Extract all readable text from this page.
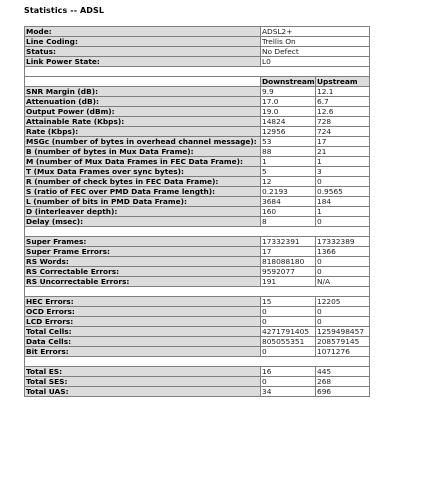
Statistics -- ADSL
Mode:	ADSL2+	
Line Coding:	Trellis On	
Status:	No Defect	
Link Power State:	L0	

	Downstream	Upstream
SNR Margin (dB):	9.9	12.1
Attenuation (dB):	17.0	6.7
Output Power (dBm):	19.0	12.6
Attainable Rate (Kbps):	14824	728
Rate (Kbps):	12956	724
MSGc (number of bytes in overhead channel message):	53	17
B (number of bytes in Mux Data Frame):	88	21
M (number of Mux Data Frames in FEC Data Frame):	1	1
T (Mux Data Frames over sync bytes):	5	3
R (number of check bytes in FEC Data Frame):	12	0
S (ratio of FEC over PMD Data Frame length):	0.2193	0.9565
L (number of bits in PMD Data Frame):	3684	184
D (interleaver depth):	160	1
Delay (msec):	8	0

Super Frames:	17332391	17332389
Super Frame Errors:	17	1366
RS Words:	818088180	0
RS Correctable Errors:	9592077	0
RS Uncorrectable Errors:	191	N/A

HEC Errors:	15	12205
OCD Errors:	0	0
LCD Errors:	0	0
Total Cells:	4271791405	1259498457
Data Cells:	805055351	208579145
Bit Errors:	0	1071276

Total ES:	16	445
Total SES:	0	268
Total UAS:	34	696
